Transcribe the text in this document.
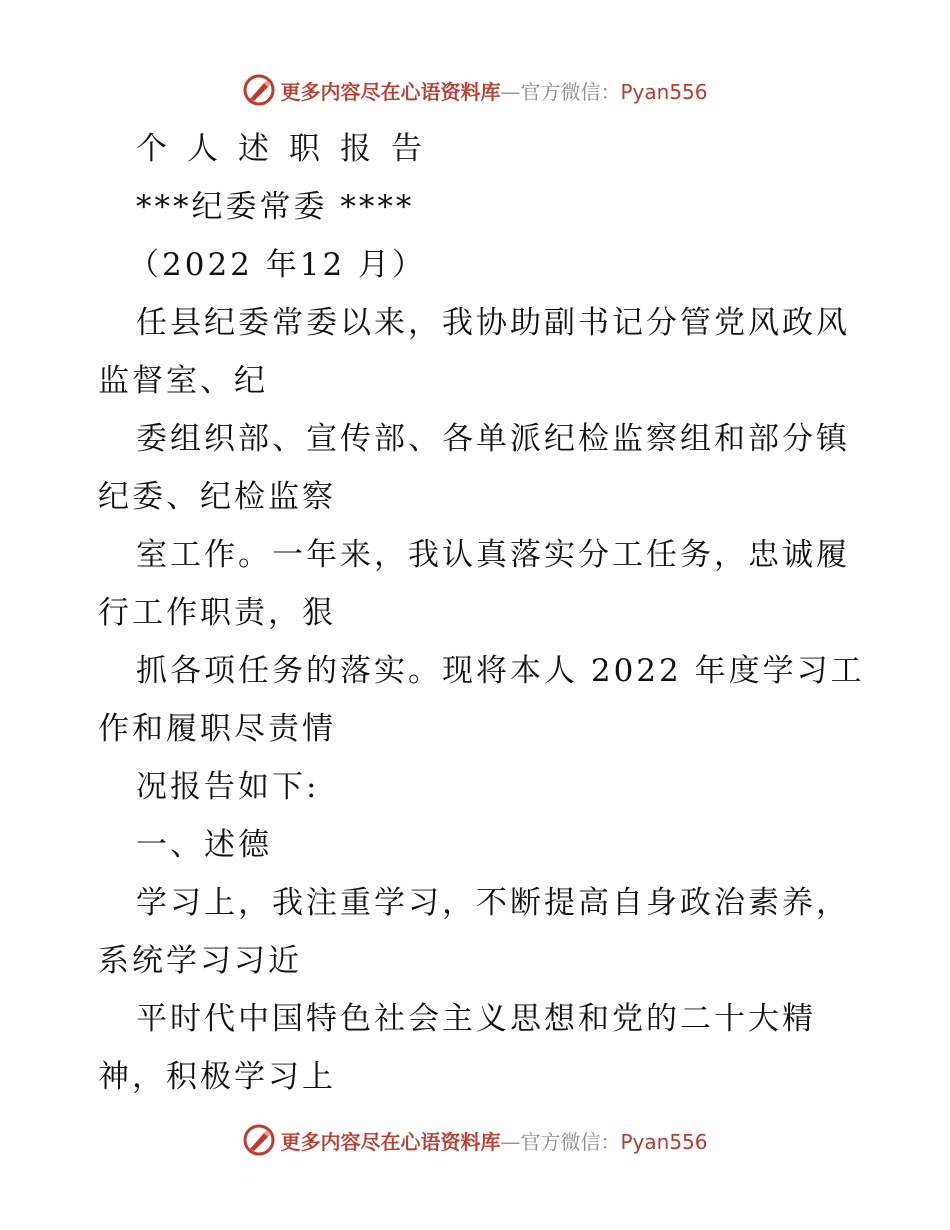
更多内容尽在心语资料库—官方微信：Pyan556
个人述职报告
***纪委常委 ****
（2022 年12 月）
任县纪委常委以来，我协助副书记分管党风政风
监督室、纪
委组织部、宣传部、各单派纪检监察组和部分镇
纪委、纪检监察
室工作。一年来，我认真落实分工任务，忠诚履
行工作职责，狠
抓各项任务的落实。现将本人 2022 年度学习工
作和履职尽责情
况报告如下:
一、述德
学习上，我注重学习，不断提高自身政治素养，
系统学习习近
平时代中国特色社会主义思想和党的二十大精
神，积极学习上
更多内容尽在心语资料库—官方微信：Pyan556
